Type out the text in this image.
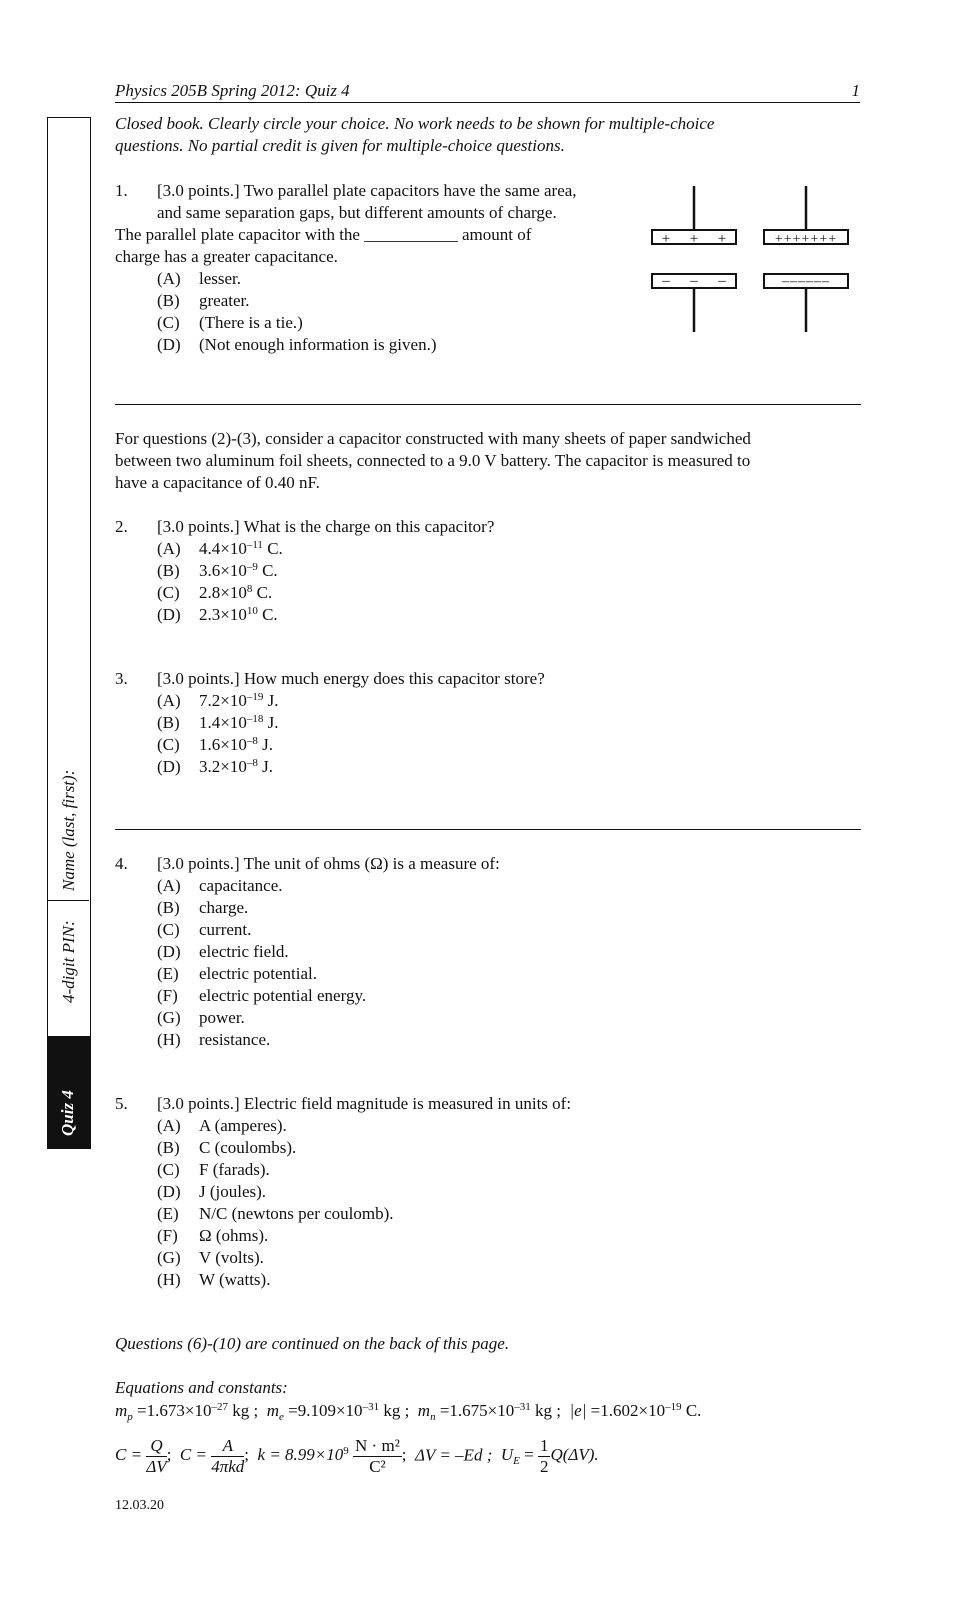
Physics 205B Spring 2012: Quiz 4	1
Closed book. Clearly circle your choice. No work needs to be shown for multiple-choice
questions. No partial credit is given for multiple-choice questions.
Name (last, first):
4-digit PIN:
Quiz 4
1. [3.0 points.] Two parallel plate capacitors have the same area,
and same separation gaps, but different amounts of charge.
The parallel plate capacitor with the ___________ amount of
charge has a greater capacitance.
(A) lesser.
(B) greater.
(C) (There is a tie.)
(D) (Not enough information is given.)
+ + +
– – –
+++++++
––––––
For questions (2)-(3), consider a capacitor constructed with many sheets of paper sandwiched
between two aluminum foil sheets, connected to a 9.0 V battery. The capacitor is measured to
have a capacitance of 0.40 nF.
2. [3.0 points.] What is the charge on this capacitor?
(A) $4.4\times 10^{-11}$ C.
(B) $3.6\times 10^{-9}$ C.
(C) $2.8\times 10^8$ C.
(D) $2.3\times 10^{10}$ C.
3. [3.0 points.] How much energy does this capacitor store?
(A) $7.2\times 10^{-19}$ J.
(B) $1.4\times 10^{-18}$ J.
(C) $1.6\times 10^{-8}$ J.
(D) $3.2\times 10^{-8}$ J.
4. [3.0 points.] The unit of ohms (Ω) is a measure of:
(A) capacitance.
(B) charge.
(C) current.
(D) electric field.
(E) electric potential.
(F) electric potential energy.
(G) power.
(H) resistance.
5. [3.0 points.] Electric field magnitude is measured in units of:
(A) A (amperes).
(B) C (coulombs).
(C) F (farads).
(D) J (joules).
(E) N/C (newtons per coulomb).
(F) Ω (ohms).
(G) V (volts).
(H) W (watts).
Questions (6)-(10) are continued on the back of this page.
Equations and constants:
$m_p =1.673\times 10^{-27}$ kg ; $m_e =9.109\times 10^{-31}$ kg ; $m_n =1.675\times 10^{-31}$ kg ; $|e| =1.602\times 10^{-19}$ C.
$C = \frac{Q}{\Delta V}$ ; $C = \frac{A}{\text{4πkd}}$ ; $k = 8.99\times 10^9 \frac{\text{N · m²}}{\text{C²}}$ ; ΔV = –Ed ; $U_E = \frac{1}{2} Q(\Delta V)$.
12.03.20
